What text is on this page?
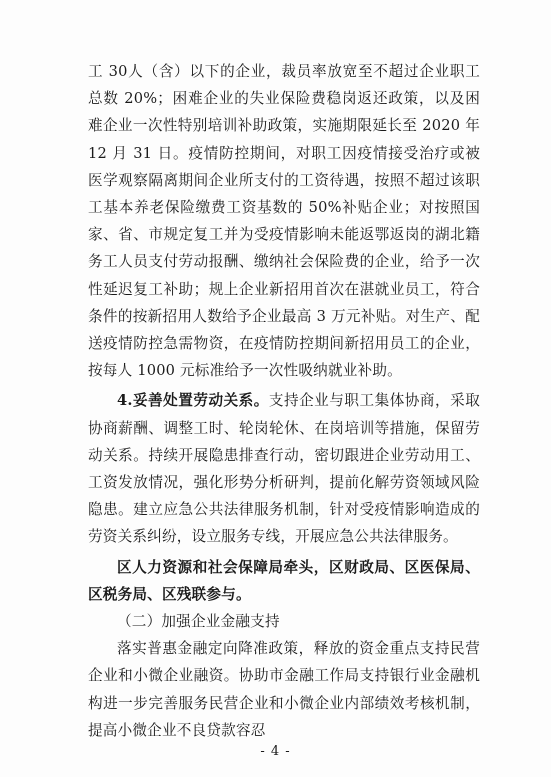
工 30人（含）以下的企业，裁员率放宽至不超过企业职工总数 20%；困难企业的失业保险费稳岗返还政策，以及困难企业一次性特别培训补助政策，实施期限延长至 2020 年 12 月 31 日。疫情防控期间，对职工因疫情接受治疗或被医学观察隔离期间企业所支付的工资待遇，按照不超过该职工基本养老保险缴费工资基数的 50%补贴企业；对按照国家、省、市规定复工并为受疫情影响未能返鄂返岗的湖北籍务工人员支付劳动报酬、缴纳社会保险费的企业，给予一次性延迟复工补助；规上企业新招用首次在湛就业员工，符合条件的按新招用人数给予企业最高 3 万元补贴。对生产、配送疫情防控急需物资，在疫情防控期间新招用员工的企业，按每人 1000 元标准给予一次性吸纳就业补助。

4.妥善处置劳动关系。支持企业与职工集体协商，采取协商薪酬、调整工时、轮岗轮休、在岗培训等措施，保留劳动关系。持续开展隐患排查行动，密切跟进企业劳动用工、工资发放情况，强化形势分析研判，提前化解劳资领域风险隐患。建立应急公共法律服务机制，针对受疫情影响造成的劳资关系纠纷，设立服务专线，开展应急公共法律服务。

区人力资源和社会保障局牵头，区财政局、区医保局、区税务局、区残联参与。

（二）加强企业金融支持

落实普惠金融定向降准政策，释放的资金重点支持民营企业和小微企业融资。协助市金融工作局支持银行业金融机构进一步完善服务民营企业和小微企业内部绩效考核机制，提高小微企业不良贷款容忍

- 4 -
